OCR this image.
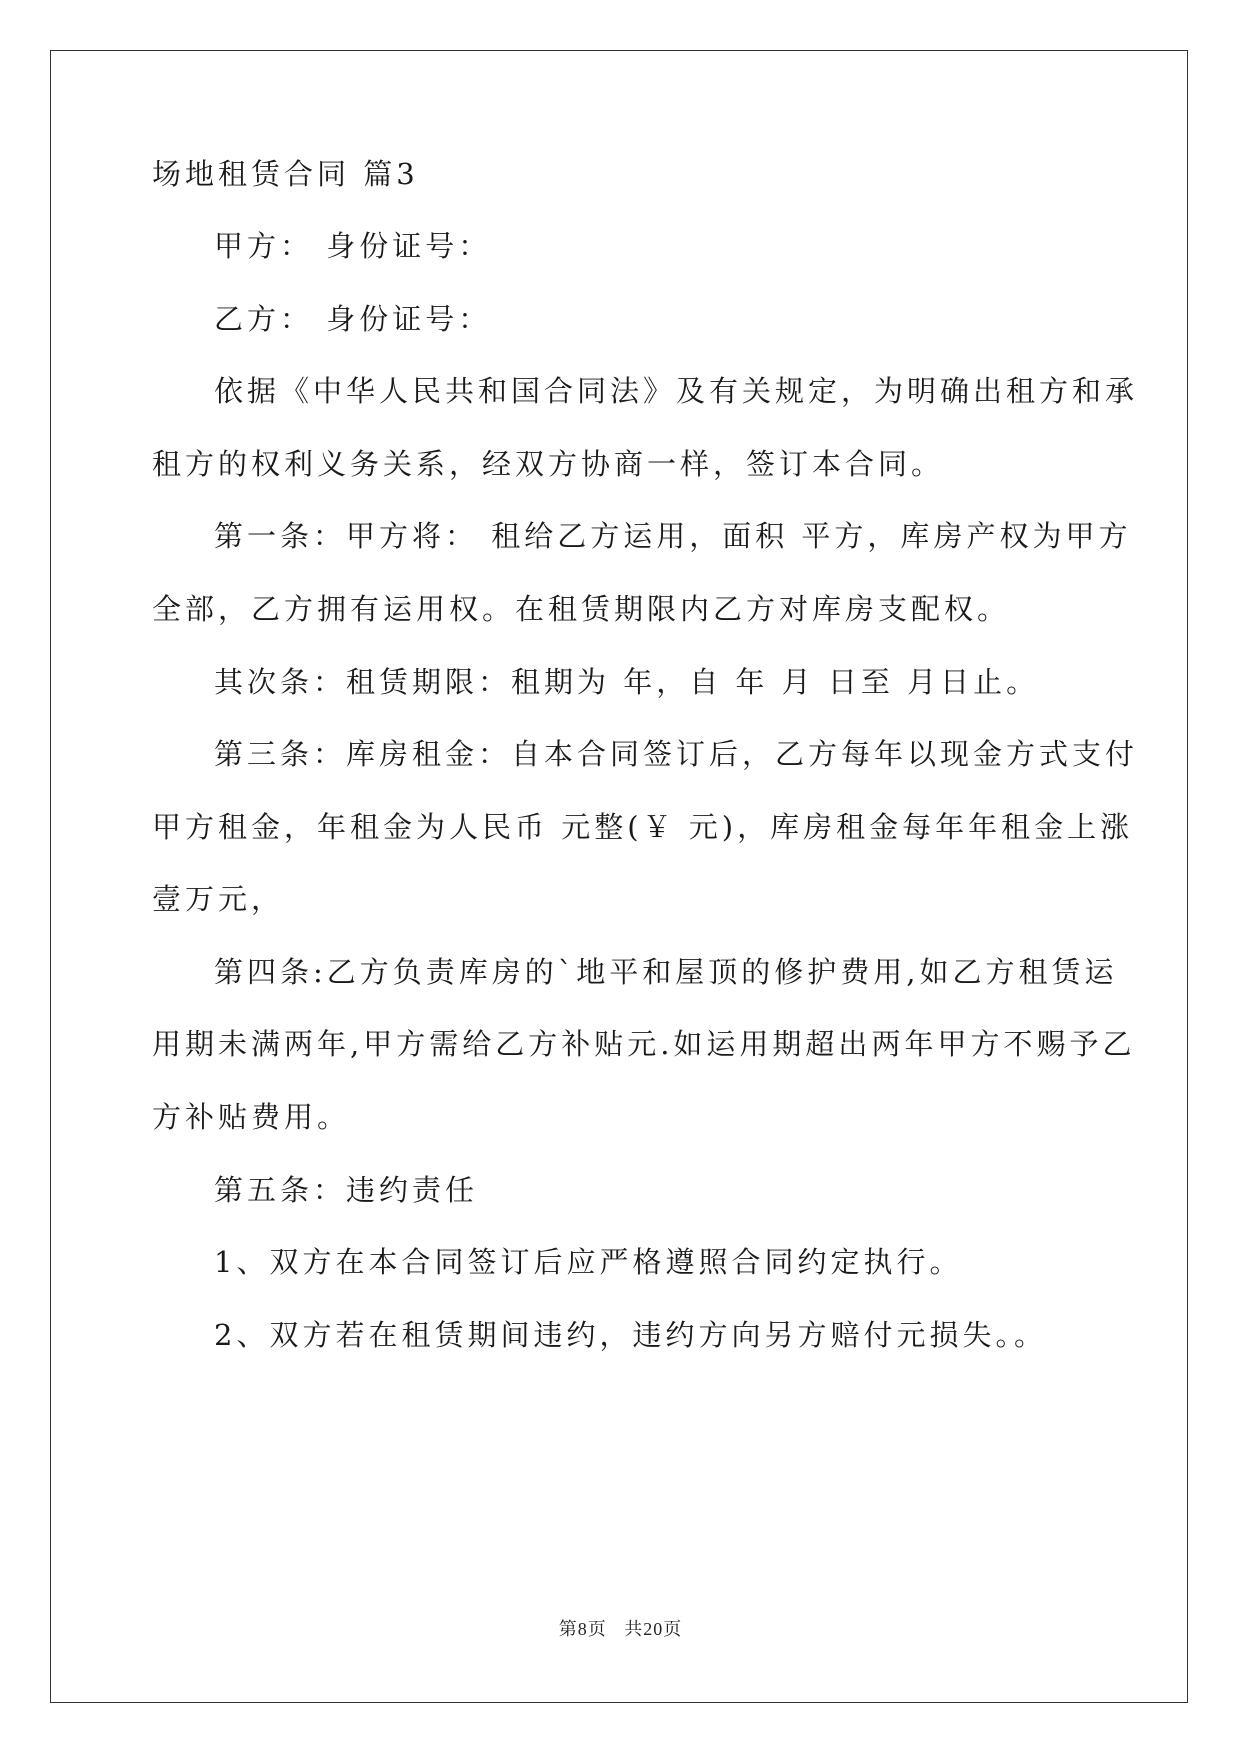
场地租赁合同 篇3
甲方： 身份证号：
乙方： 身份证号：
依据《中华人民共和国合同法》及有关规定，为明确出租方和承
租方的权利义务关系，经双方协商一样，签订本合同。
第一条：甲方将： 租给乙方运用，面积 平方，库房产权为甲方
全部，乙方拥有运用权。在租赁期限内乙方对库房支配权。
其次条：租赁期限：租期为 年，自 年 月 日至 月日止。
第三条：库房租金：自本合同签订后，乙方每年以现金方式支付
甲方租金，年租金为人民币 元整(￥ 元)，库房租金每年年租金上涨
壹万元，
第四条:乙方负责库房的`地平和屋顶的修护费用,如乙方租赁运
用期未满两年,甲方需给乙方补贴元.如运用期超出两年甲方不赐予乙
方补贴费用。
第五条：违约责任
1、双方在本合同签订后应严格遵照合同约定执行。
2、双方若在租赁期间违约，违约方向另方赔付元损失。。
第8页 共20页
